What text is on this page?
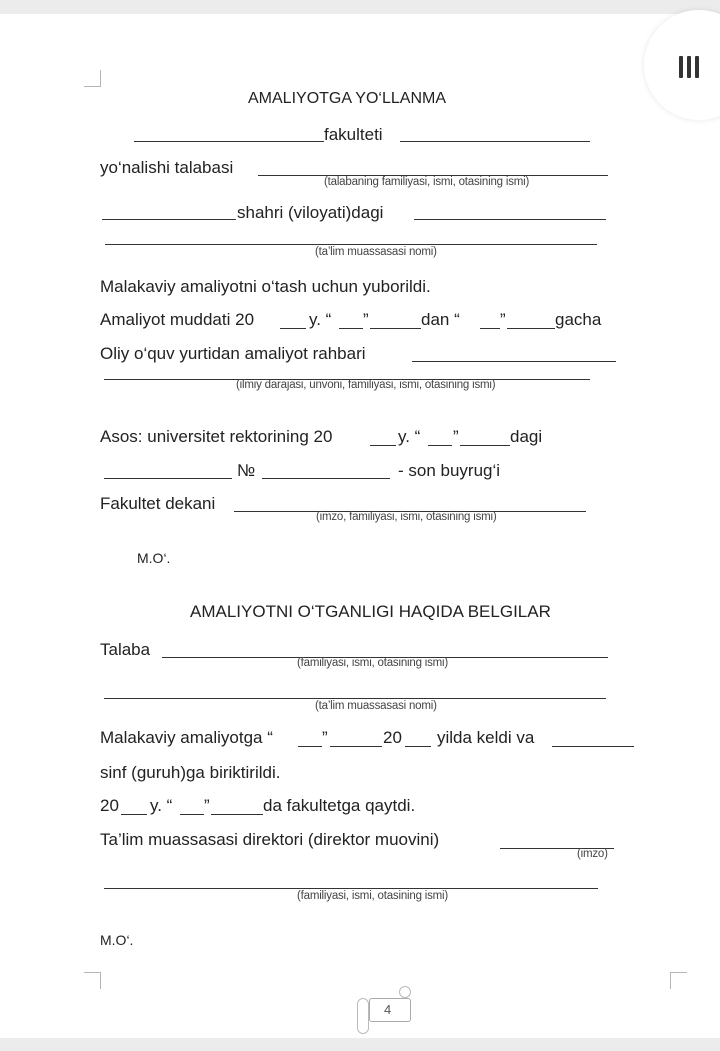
AMALIYOTGA YO‘LLANMA
fakulteti
yo‘nalishi talabasi
(talabaning familiyasi, ismi, otasining ismi)
shahri (viloyati)dagi
(ta’lim muassasasi nomi)
Malakaviy amaliyotni o‘tash uchun yuborildi.
Amaliyot muddati 20	y. “ ”	dan “ ”	gacha
Oliy o‘quv yurtidan amaliyot rahbari
(ilmiy darajasi, unvoni, familiyasi, ismi, otasining ismi)
Asos: universitet rektorining 20	y. “ ”	dagi
№	- son buyrug‘i
Fakultet dekani
(imzo, familiyasi, ismi, otasining ismi)
M.O‘.
AMALIYOTNI O‘TGANLIGI HAQIDA BELGILAR
Talaba
(familiyasi, ismi, otasining ismi)
(ta’lim muassasasi nomi)
Malakaviy amaliyotga “	”	20 yilda keldi va
sinf (guruh)ga biriktirildi.
20 y. “ ”	da fakultetga qaytdi.
Ta’lim muassasasi direktori (direktor muovini)
(imzo)
(familiyasi, ismi, otasining ismi)
M.O‘.
4
